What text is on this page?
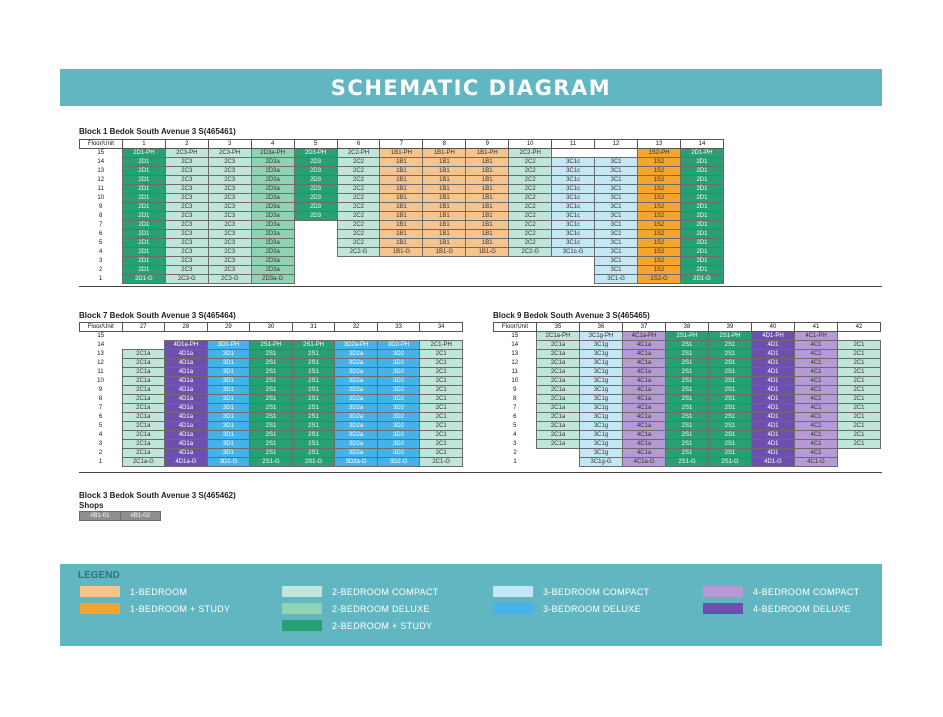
SCHEMATIC DIAGRAM
Block 1 Bedok South Avenue 3 S(465461)
Floor/Unit	1	2	3	4	5	6	7	8	9	10	11	12	13	14
15	2D1-PH	2C3-PH	2C3-PH	2D3a-PH	2D3-PH	2C2-PH	1B1-PH	1B1-PH	1B1-PH	2C2-PH			1S2-PH	2D1-PH
14	2D1	2C3	2C3	2D3a	2D3	2C2	1B1	1B1	1B1	2C2	3C1c	3C1	1S2	2D1
13	2D1	2C3	2C3	2D3a	2D3	2C2	1B1	1B1	1B1	2C2	3C1c	3C1	1S2	2D1
12	2D1	2C3	2C3	2D3a	2D3	2C2	1B1	1B1	1B1	2C2	3C1c	3C1	1S2	2D1
11	2D1	2C3	2C3	2D3a	2D3	2C2	1B1	1B1	1B1	2C2	3C1c	3C1	1S2	2D1
10	2D1	2C3	2C3	2D3a	2D3	2C2	1B1	1B1	1B1	2C2	3C1c	3C1	1S2	2D1
9	2D1	2C3	2C3	2D3a	2D3	2C2	1B1	1B1	1B1	2C2	3C1c	3C1	1S2	2D1
8	2D1	2C3	2C3	2D3a	2D3	2C2	1B1	1B1	1B1	2C2	3C1c	3C1	1S2	2D1
7	2D1	2C3	2C3	2D3a		2C2	1B1	1B1	1B1	2C2	3C1c	3C1	1S2	2D1
6	2D1	2C3	2C3	2D3a		2C2	1B1	1B1	1B1	2C2	3C1c	3C1	1S2	2D1
5	2D1	2C3	2C3	2D3a		2C2	1B1	1B1	1B1	2C2	3C1c	3C1	1S2	2D1
4	2D1	2C3	2C3	2D3a		2C2-G	1B1-G	1B1-G	1B1-G	2C2-G	3C1c-G	3C1	1S2	2D1
3	2D1	2C3	2C3	2D3a								3C1	1S2	2D1
2	2D1	2C3	2C3	2D3a								3C1	1S2	2D1
1	2D1-G	2C3-G	2C3-G	2D3a-G								3C1-G	1S2-G	2D1-G
Block 7 Bedok South Avenue 3 S(465464)
Floor/Unit	27	28	29	30	31	32	33	34
15								
14		4D1a-PH	3D1-PH	2S1-PH	2S1-PH	3D2a-PH	3D2-PH	2C1-PH
13	2C1a	4D1a	3D1	2S1	2S1	3D2a	3D2	2C1
12	2C1a	4D1a	3D1	2S1	2S1	3D2a	3D2	2C1
11	2C1a	4D1a	3D1	2S1	2S1	3D2a	3D2	2C1
10	2C1a	4D1a	3D1	2S1	2S1	3D2a	3D2	2C1
9	2C1a	4D1a	3D1	2S1	2S1	3D2a	3D2	2C1
8	2C1a	4D1a	3D1	2S1	2S1	3D2a	3D2	2C1
7	2C1a	4D1a	3D1	2S1	2S1	3D2a	3D2	2C1
6	2C1a	4D1a	3D1	2S1	2S1	3D2a	3D2	2C1
5	2C1a	4D1a	3D1	2S1	2S1	3D2a	3D2	2C1
4	2C1a	4D1a	3D1	2S1	2S1	3D2a	3D2	2C1
3	2C1a	4D1a	3D1	2S1	2S1	3D2a	3D2	2C1
2	2C1a	4D1a	3D1	2S1	2S1	3D2a	3D2	2C1
1	2C1a-G	4D1a-G	3D1-G	2S1-G	2S1-G	3D2a-G	3D2-G	2C1-G
Block 9 Bedok South Avenue 3 S(465465)
Floor/Unit	35	36	37	38	39	40	41	42
15	2C1a-PH	3C1g-PH	4C1a-PH	2S1-PH	2S1-PH	4D1-PH	4C1-PH	
14	2C1a	3C1g	4C1a	2S1	2S1	4D1	4C1	2C1
13	2C1a	3C1g	4C1a	2S1	2S1	4D1	4C1	2C1
12	2C1a	3C1g	4C1a	2S1	2S1	4D1	4C1	2C1
11	2C1a	3C1g	4C1a	2S1	2S1	4D1	4C1	2C1
10	2C1a	3C1g	4C1a	2S1	2S1	4D1	4C1	2C1
9	2C1a	3C1g	4C1a	2S1	2S1	4D1	4C1	2C1
8	2C1a	3C1g	4C1a	2S1	2S1	4D1	4C1	2C1
7	2C1a	3C1g	4C1a	2S1	2S1	4D1	4C1	2C1
6	2C1a	3C1g	4C1a	2S1	2S1	4D1	4C1	2C1
5	2C1a	3C1g	4C1a	2S1	2S1	4D1	4C1	2C1
4	2C1a	3C1g	4C1a	2S1	2S1	4D1	4C1	2C1
3	2C1a	3C1g	4C1a	2S1	2S1	4D1	4C1	2C1
2		3C1g	4C1a	2S1	2S1	4D1	4C1	
1		3C1g-G	4C1a-G	2S1-G	2S1-G	4D1-G	4C1-G	
Block 3 Bedok South Avenue 3 S(465462)
Shops
#B1-01	#B1-02
LEGEND
1-BEDROOM
1-BEDROOM + STUDY
2-BEDROOM COMPACT
2-BEDROOM DELUXE
2-BEDROOM + STUDY
3-BEDROOM COMPACT
3-BEDROOM DELUXE
4-BEDROOM COMPACT
4-BEDROOM DELUXE
